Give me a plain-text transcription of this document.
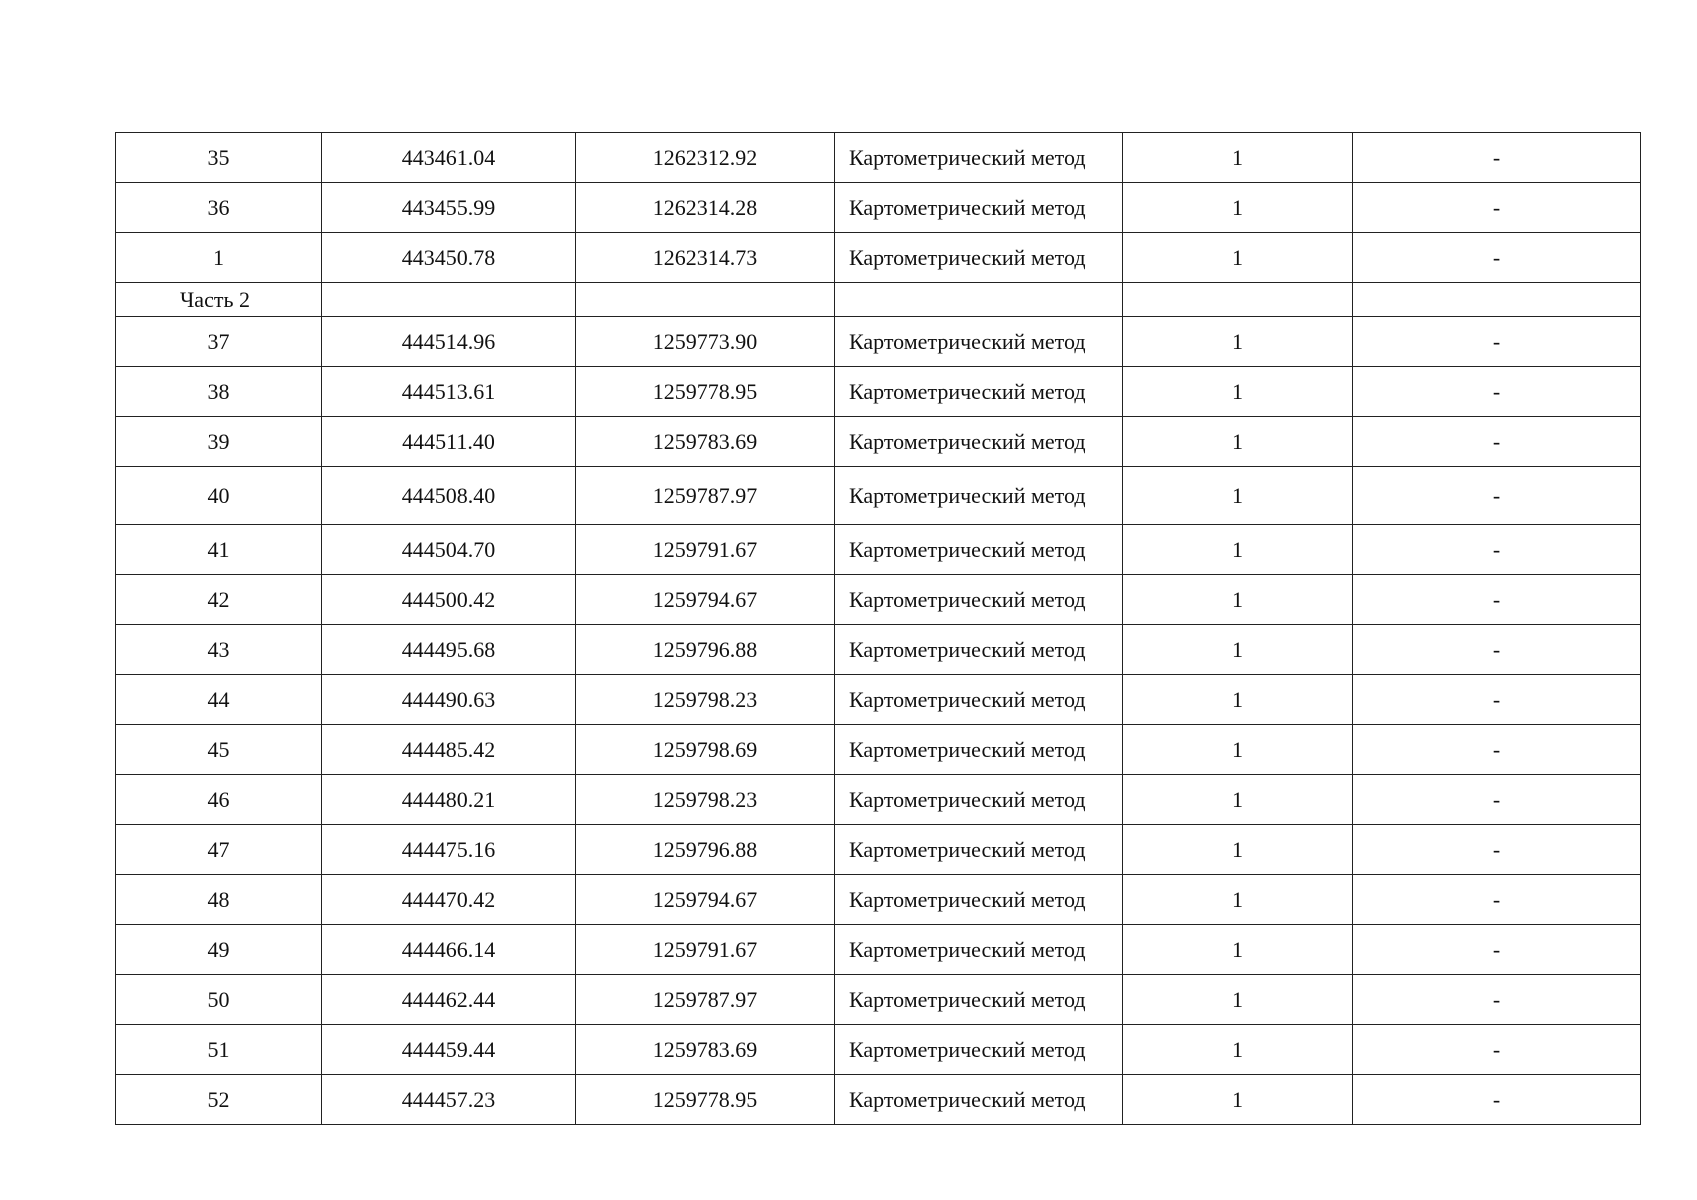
35	443461.04	1262312.92	Картометрический метод	1	-
36	443455.99	1262314.28	Картометрический метод	1	-
1	443450.78	1262314.73	Картометрический метод	1	-
Часть 2					
37	444514.96	1259773.90	Картометрический метод	1	-
38	444513.61	1259778.95	Картометрический метод	1	-
39	444511.40	1259783.69	Картометрический метод	1	-
40	444508.40	1259787.97	Картометрический метод	1	-
41	444504.70	1259791.67	Картометрический метод	1	-
42	444500.42	1259794.67	Картометрический метод	1	-
43	444495.68	1259796.88	Картометрический метод	1	-
44	444490.63	1259798.23	Картометрический метод	1	-
45	444485.42	1259798.69	Картометрический метод	1	-
46	444480.21	1259798.23	Картометрический метод	1	-
47	444475.16	1259796.88	Картометрический метод	1	-
48	444470.42	1259794.67	Картометрический метод	1	-
49	444466.14	1259791.67	Картометрический метод	1	-
50	444462.44	1259787.97	Картометрический метод	1	-
51	444459.44	1259783.69	Картометрический метод	1	-
52	444457.23	1259778.95	Картометрический метод	1	-
